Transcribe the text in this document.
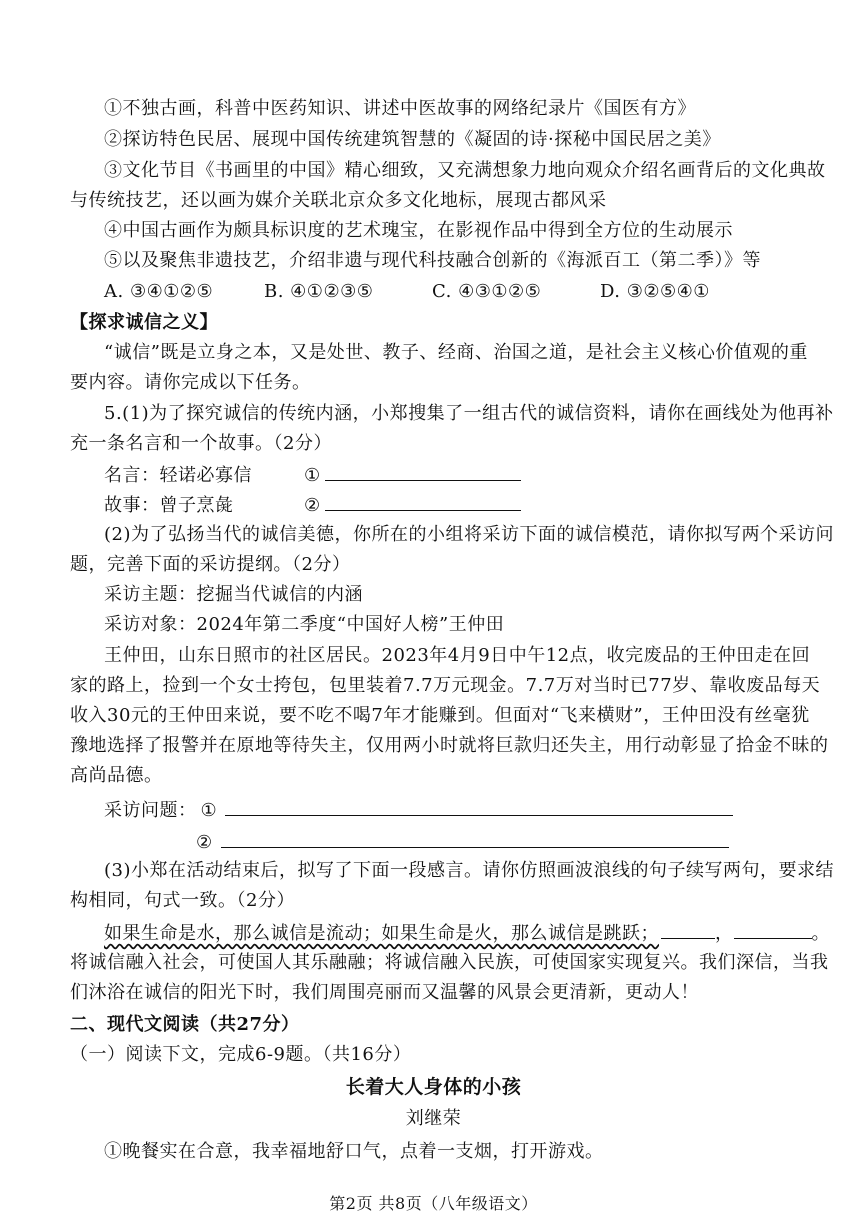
①不独古画，科普中医药知识、讲述中医故事的网络纪录片《国医有方》
②探访特色民居、展现中国传统建筑智慧的《凝固的诗·探秘中国民居之美》
③文化节目《书画里的中国》精心细致，又充满想象力地向观众介绍名画背后的文化典故
与传统技艺，还以画为媒介关联北京众多文化地标，展现古都风采
④中国古画作为颇具标识度的艺术瑰宝，在影视作品中得到全方位的生动展示
⑤以及聚焦非遗技艺，介绍非遗与现代科技融合创新的《海派百工（第二季）》等
A. ③④①②⑤	B. ④①②③⑤	C. ④③①②⑤	D. ③②⑤④①
【探求诚信之义】
“诚信”既是立身之本，又是处世、教子、经商、治国之道，是社会主义核心价值观的重
要内容。请你完成以下任务。
5.(1)为了探究诚信的传统内涵，小郑搜集了一组古代的诚信资料，请你在画线处为他再补
充一条名言和一个故事。（2分）
名言：轻诺必寡信	①
故事：曾子烹彘	②
(2)为了弘扬当代的诚信美德，你所在的小组将采访下面的诚信模范，请你拟写两个采访问
题，完善下面的采访提纲。（2分）
采访主题：挖掘当代诚信的内涵
采访对象：2024年第二季度“中国好人榜”王仲田
王仲田，山东日照市的社区居民。2023年4月9日中午12点，收完废品的王仲田走在回
家的路上，捡到一个女士挎包，包里装着7.7万元现金。7.7万对当时已77岁、靠收废品每天
收入30元的王仲田来说，要不吃不喝7年才能赚到。但面对“飞来横财”，王仲田没有丝毫犹
豫地选择了报警并在原地等待失主，仅用两小时就将巨款归还失主，用行动彰显了拾金不昧的
高尚品德。
采访问题： ①
②
(3)小郑在活动结束后，拟写了下面一段感言。请你仿照画波浪线的句子续写两句，要求结
构相同，句式一致。（2分）
如果生命是水，那么诚信是流动；如果生命是火，那么诚信是跳跃；	，	。
将诚信融入社会，可使国人其乐融融；将诚信融入民族，可使国家实现复兴。我们深信，当我
们沐浴在诚信的阳光下时，我们周围亮丽而又温馨的风景会更清新，更动人！
二、现代文阅读（共27分）
（一）阅读下文，完成6-9题。（共16分）
长着大人身体的小孩
刘继荣
①晚餐实在合意，我幸福地舒口气，点着一支烟，打开游戏。
第2页 共8页（八年级语文）
